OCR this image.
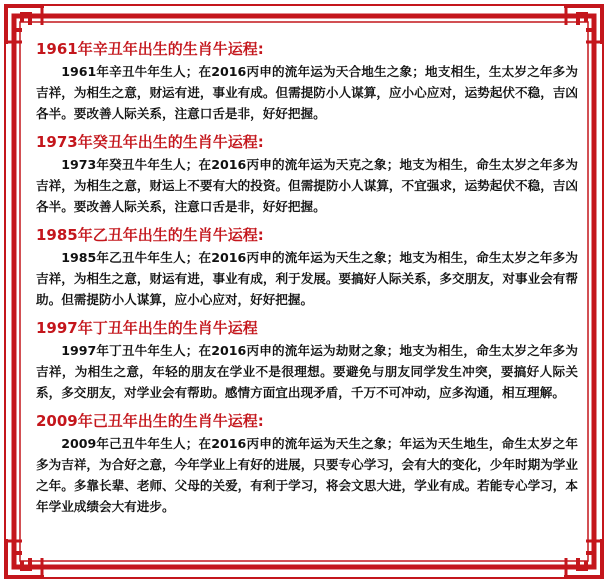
1961年辛丑年出生的生肖牛运程:

1961年辛丑牛年生人；在2016丙申的流年运为天合地生之象；地支相生，生太岁之年多为吉祥，为相生之意，财运有进，事业有成。但需提防小人谋算，应小心应对，运势起伏不稳，吉凶各半。要改善人际关系，注意口舌是非，好好把握。

1973年癸丑年出生的生肖牛运程:

1973年癸丑牛年生人；在2016丙申的流年运为天克之象；地支为相生，命生太岁之年多为吉祥，为相生之意，财运上不要有大的投资。但需提防小人谋算，不宜强求，运势起伏不稳，吉凶各半。要改善人际关系，注意口舌是非，好好把握。

1985年乙丑年出生的生肖牛运程:

1985年乙丑牛年生人；在2016丙申的流年运为天生之象；地支为相生，命生太岁之年多为吉祥，为相生之意，财运有进，事业有成，利于发展。要搞好人际关系，多交朋友，对事业会有帮助。但需提防小人谋算，应小心应对，好好把握。

1997年丁丑年出生的生肖牛运程

1997年丁丑牛年生人；在2016丙申的流年运为劫财之象；地支为相生，命生太岁之年多为吉祥，为相生之意，年轻的朋友在学业不是很理想。要避免与朋友同学发生冲突，要搞好人际关系，多交朋友，对学业会有帮助。感情方面宜出现矛盾，千万不可冲动，应多沟通，相互理解。

2009年己丑年出生的生肖牛运程:

2009年己丑牛年生人；在2016丙申的流年运为天生之象；年运为天生地生，命生太岁之年多为吉祥，为合好之意，今年学业上有好的进展，只要专心学习，会有大的变化，少年时期为学业之年。多靠长辈、老师、父母的关爱，有利于学习，将会文思大进，学业有成。若能专心学习，本年学业成绩会大有进步。
